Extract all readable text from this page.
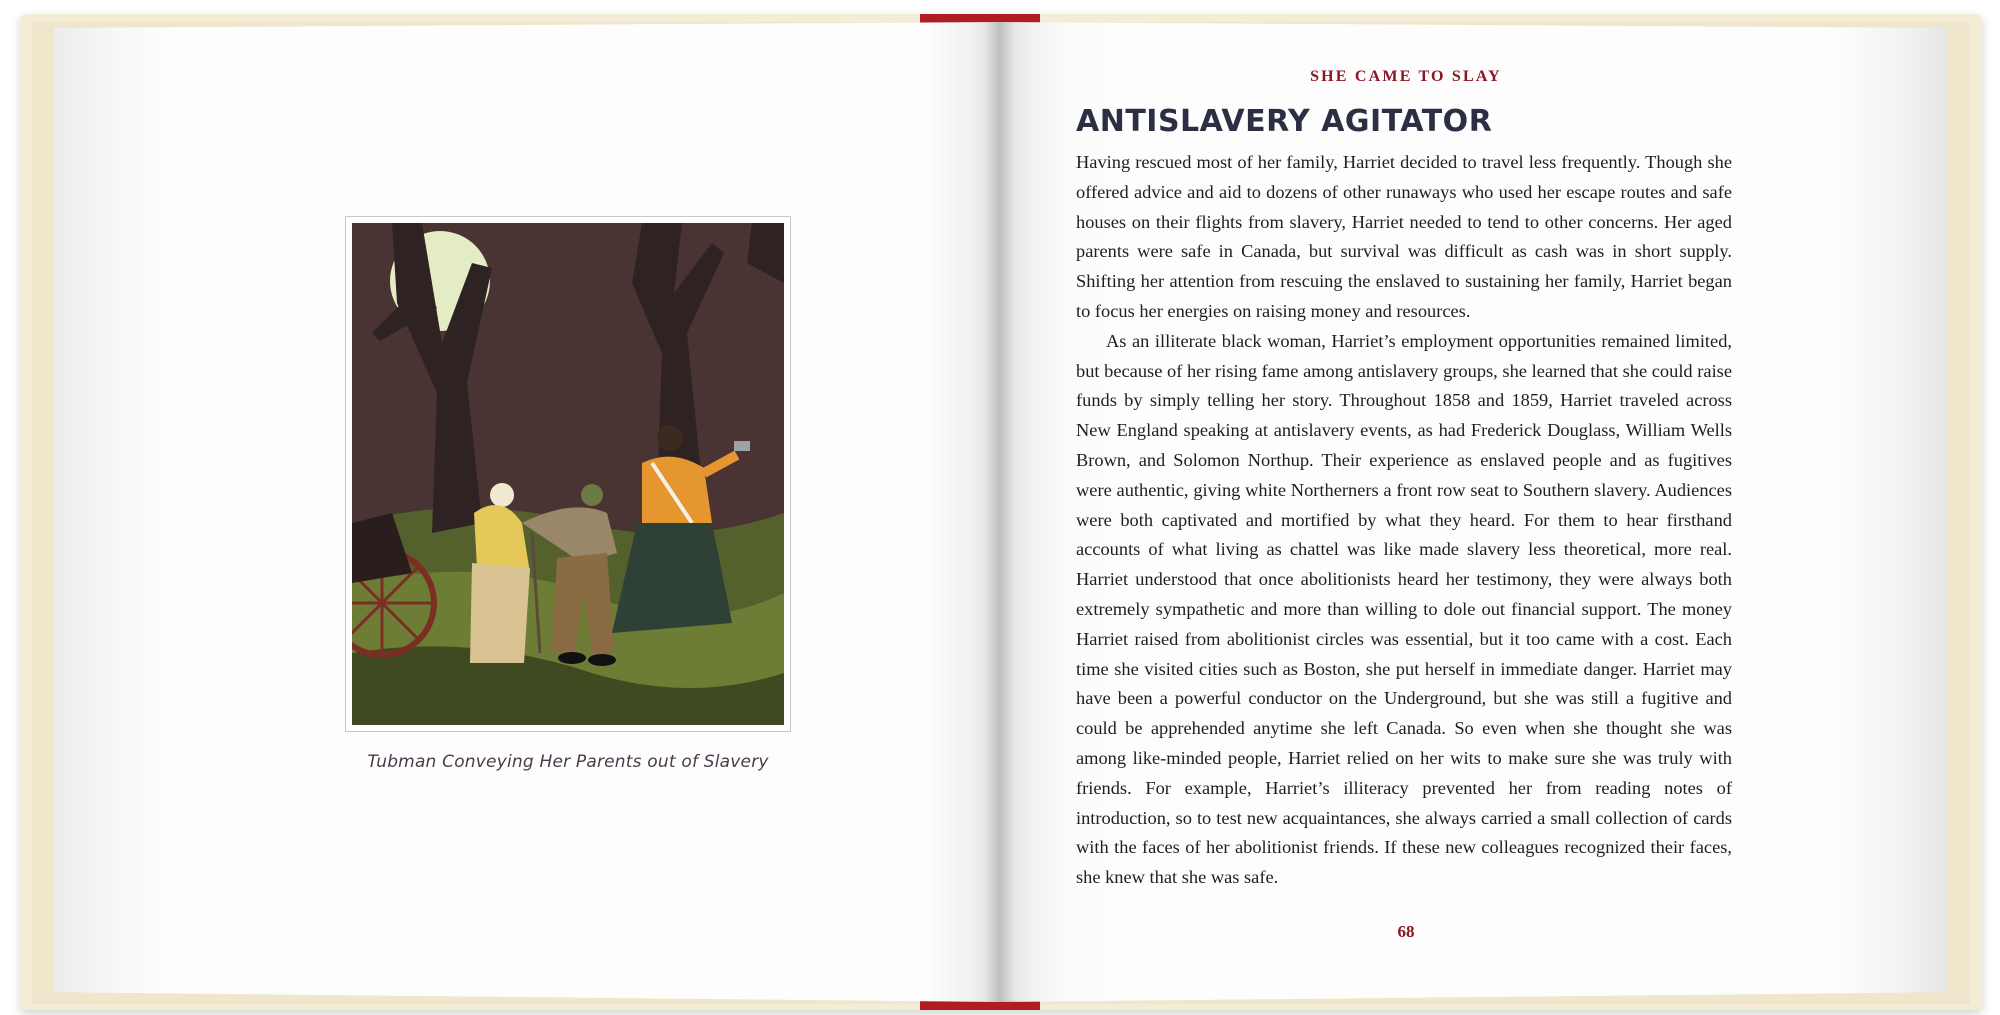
Tubman Conveying Her Parents out of Slavery
SHE CAME TO SLAY
ANTISLAVERY AGITATOR

Having rescued most of her family, Harriet decided to travel less frequently. Though she offered advice and aid to dozens of other runaways who used her escape routes and safe houses on their flights from slavery, Harriet needed to tend to other concerns. Her aged parents were safe in Canada, but survival was difficult as cash was in short supply. Shifting her attention from rescuing the enslaved to sustaining her family, Harriet began to focus her energies on raising money and resources.

As an illiterate black woman, Harriet’s employment opportunities remained limited, but because of her rising fame among antislavery groups, she learned that she could raise funds by simply telling her story. Throughout 1858 and 1859, Harriet traveled across New England speaking at antislavery events, as had Frederick Douglass, William Wells Brown, and Solomon Northup. Their experience as enslaved people and as fugitives were authentic, giving white Northerners a front row seat to Southern slavery. Audiences were both captivated and mortified by what they heard. For them to hear firsthand accounts of what living as chattel was like made slavery less theoretical, more real. Harriet understood that once abolitionists heard her testimony, they were always both extremely sympathetic and more than willing to dole out financial support. The money Harriet raised from abolitionist circles was essential, but it too came with a cost. Each time she visited cities such as Boston, she put herself in immediate danger. Harriet may have been a powerful conductor on the Underground, but she was still a fugitive and could be apprehended anytime she left Canada. So even when she thought she was among like-minded people, Harriet relied on her wits to make sure she was truly with friends. For example, Harriet’s illiteracy prevented her from reading notes of introduction, so to test new acquaintances, she always carried a small collection of cards with the faces of her abolitionist friends. If these new colleagues recognized their faces, she knew that she was safe.

68
